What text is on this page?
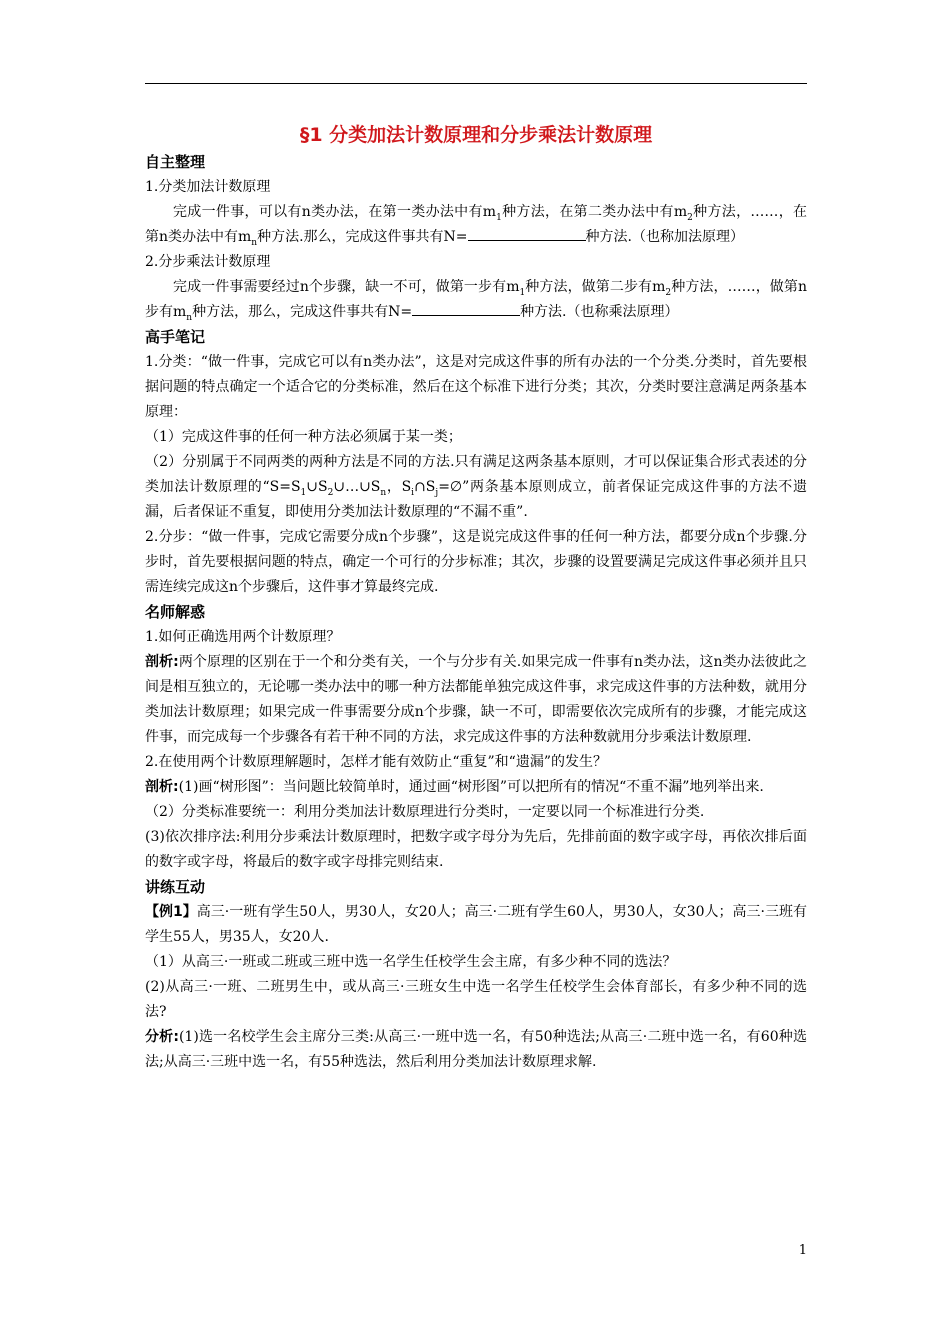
§1 分类加法计数原理和分步乘法计数原理
自主整理

1.分类加法计数原理

完成一件事，可以有n类办法，在第一类办法中有$m_1$种方法，在第二类办法中有$m_2$种方法，……，在第n类办法中有$m_n$种方法.那么，完成这件事共有N=	种方法.（也称加法原理）

2.分步乘法计数原理

完成一件事需要经过n个步骤，缺一不可，做第一步有$m_1$种方法，做第二步有$m_2$种方法，……，做第n步有$m_n$种方法，那么，完成这件事共有N=	种方法.（也称乘法原理）

高手笔记

1.分类：“做一件事，完成它可以有n类办法”，这是对完成这件事的所有办法的一个分类.分类时，首先要根据问题的特点确定一个适合它的分类标准，然后在这个标准下进行分类；其次，分类时要注意满足两条基本原理：

（1）完成这件事的任何一种方法必须属于某一类；

（2）分别属于不同两类的两种方法是不同的方法.只有满足这两条基本原则，才可以保证集合形式表述的分类加法计数原理的“$S=S_1\cup S_2\cup\dots\cup S_n$，$S_i\cap S_j=\emptyset$”两条基本原则成立，前者保证完成这件事的方法不遗漏，后者保证不重复，即使用分类加法计数原理的“不漏不重”.

2.分步：“做一件事，完成它需要分成n个步骤”，这是说完成这件事的任何一种方法，都要分成n个步骤.分步时，首先要根据问题的特点，确定一个可行的分步标准；其次，步骤的设置要满足完成这件事必须并且只需连续完成这n个步骤后，这件事才算最终完成.

名师解惑

1.如何正确选用两个计数原理？

剖析:两个原理的区别在于一个和分类有关，一个与分步有关.如果完成一件事有n类办法，这n类办法彼此之间是相互独立的，无论哪一类办法中的哪一种方法都能单独完成这件事，求完成这件事的方法种数，就用分类加法计数原理；如果完成一件事需要分成n个步骤，缺一不可，即需要依次完成所有的步骤，才能完成这件事，而完成每一个步骤各有若干种不同的方法，求完成这件事的方法种数就用分步乘法计数原理.

2.在使用两个计数原理解题时，怎样才能有效防止“重复”和“遗漏”的发生？

剖析:(1)画“树形图”：当问题比较简单时，通过画“树形图”可以把所有的情况“不重不漏”地列举出来.

（2）分类标准要统一：利用分类加法计数原理进行分类时，一定要以同一个标准进行分类.

(3)依次排序法:利用分步乘法计数原理时，把数字或字母分为先后，先排前面的数字或字母，再依次排后面的数字或字母，将最后的数字或字母排完则结束.

讲练互动

【例1】高三·一班有学生50人，男30人，女20人；高三·二班有学生60人，男30人，女30人；高三·三班有学生55人，男35人，女20人.

（1）从高三·一班或二班或三班中选一名学生任校学生会主席，有多少种不同的选法？

(2)从高三·一班、二班男生中，或从高三·三班女生中选一名学生任校学生会体育部长，有多少种不同的选法?

分析:(1)选一名校学生会主席分三类:从高三·一班中选一名，有50种选法;从高三·二班中选一名，有60种选法;从高三·三班中选一名，有55种选法，然后利用分类加法计数原理求解.

1
